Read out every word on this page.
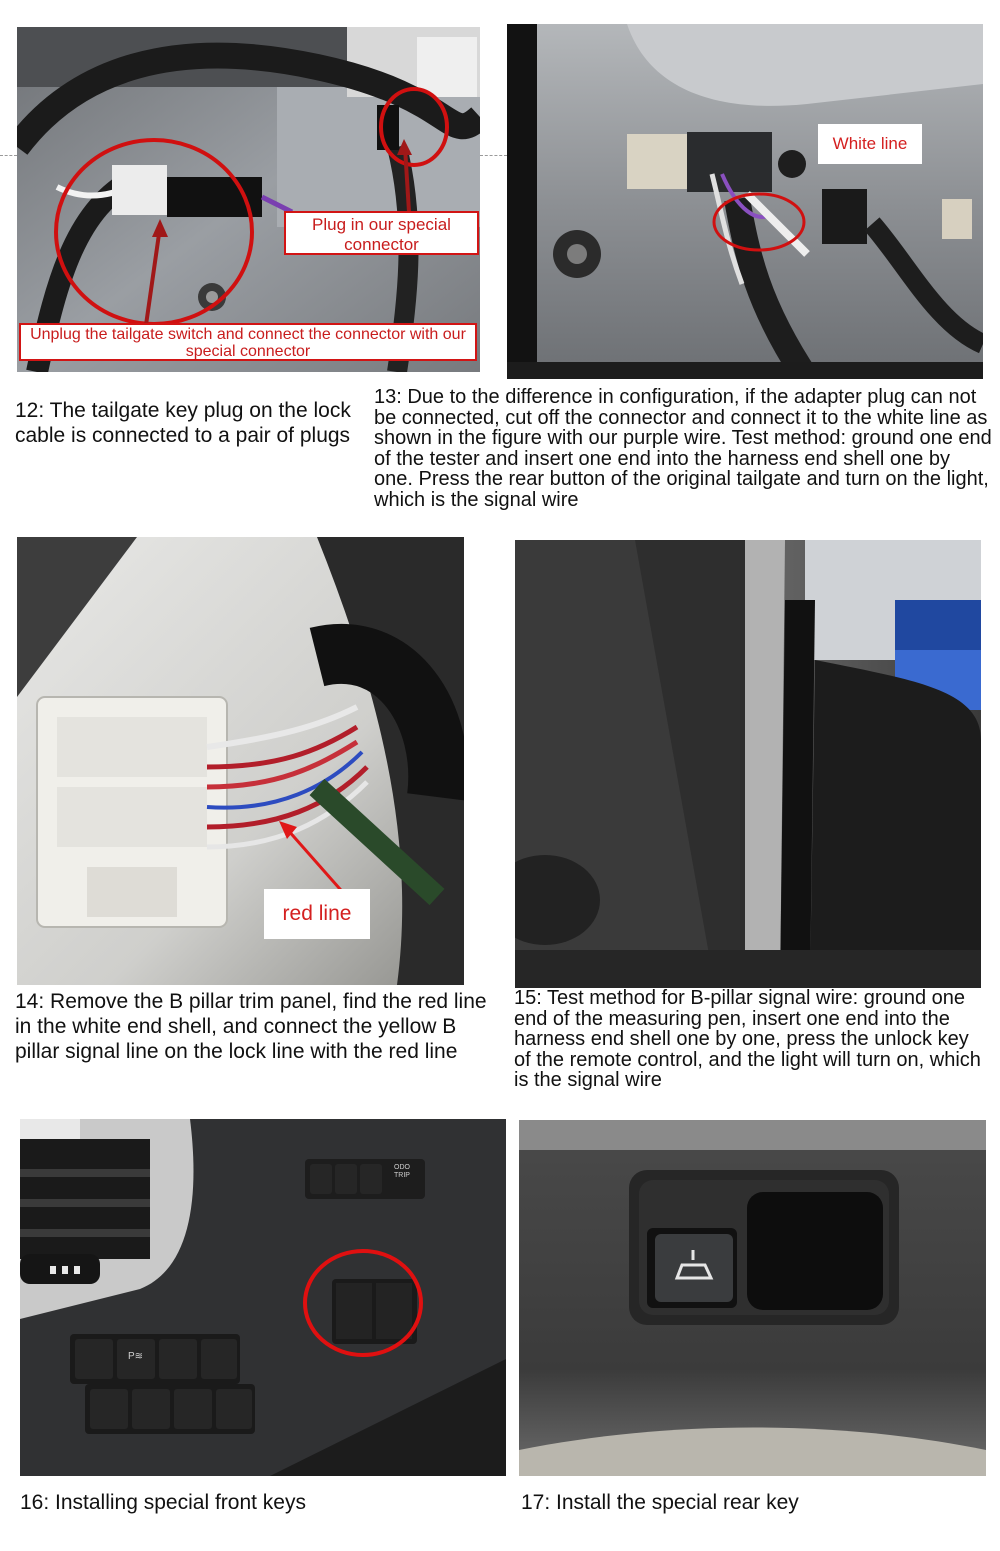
Plug in our special connector
Unplug the tailgate switch and connect the connector with our special connector
White line
12: The tailgate key plug on the lock cable is connected to a pair of plugs
13: Due to the difference in configuration, if the adapter plug can not be connected, cut off the connector and connect it to the white line as shown in the figure with our purple wire. Test method: ground one end of the tester and insert one end into the harness end shell one by one. Press the rear button of the original tailgate and turn on the light, which is the signal wire
red line
14: Remove the B pillar trim panel, find the red line in the white end shell, and connect the yellow B pillar signal line on the lock line with the red line
15: Test method for B-pillar signal wire: ground one end of the measuring pen, insert one end into the harness end shell one by one, press the unlock key of the remote control, and the light will turn on, which is the signal wire
ODO TRIP
P≋
16: Installing special front keys	17: Install the special rear key
